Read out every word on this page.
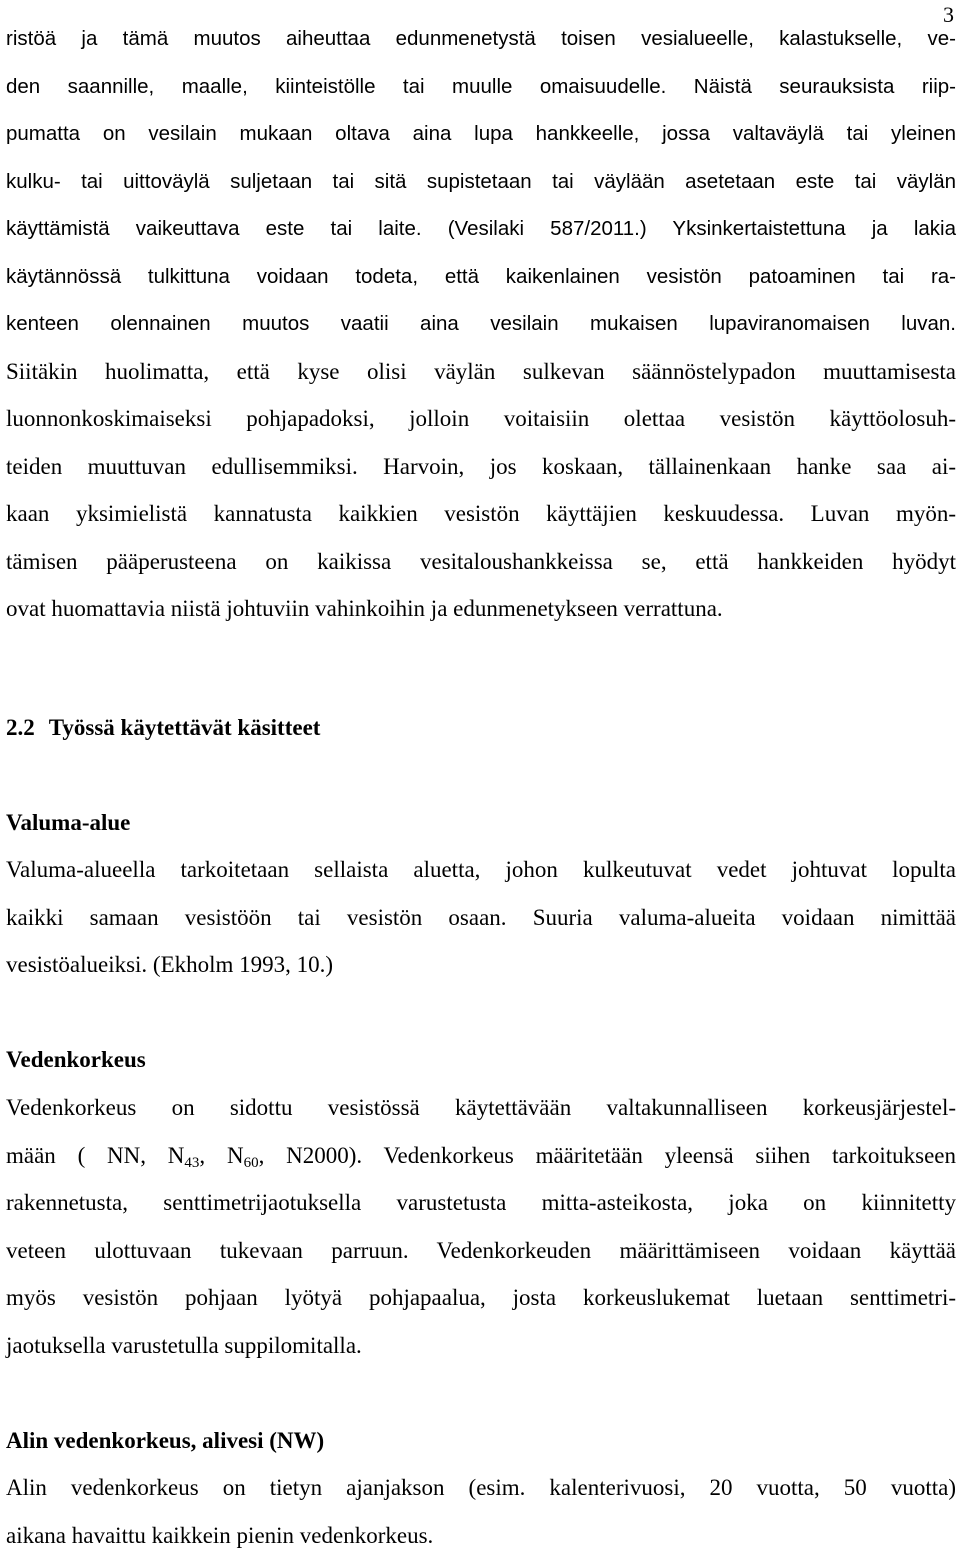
3
ristöä ja tämä muutos aiheuttaa edunmenetystä toisen vesialueelle, kalastukselle, ve-
den saannille, maalle, kiinteistölle tai muulle omaisuudelle. Näistä seurauksista riip-
pumatta on vesilain mukaan oltava aina lupa hankkeelle, jossa valtaväylä tai yleinen
kulku- tai uittoväylä suljetaan tai sitä supistetaan tai väylään asetetaan este tai väylän
käyttämistä vaikeuttava este tai laite. (Vesilaki 587/2011.) Yksinkertaistettuna ja lakia
käytännössä tulkittuna voidaan todeta, että kaikenlainen vesistön patoaminen tai ra-
kenteen olennainen muutos vaatii aina vesilain mukaisen lupaviranomaisen luvan.
Siitäkin huolimatta, että kyse olisi väylän sulkevan säännöstelypadon muuttamisesta
luonnonkoskimaiseksi pohjapadoksi, jolloin voitaisiin olettaa vesistön käyttöolosuh-
teiden muuttuvan edullisemmiksi. Harvoin, jos koskaan, tällainenkaan hanke saa ai-
kaan yksimielistä kannatusta kaikkien vesistön käyttäjien keskuudessa. Luvan myön-
tämisen pääperusteena on kaikissa vesitaloushankkeissa se, että hankkeiden hyödyt
ovat huomattavia niistä johtuviin vahinkoihin ja edunmenetykseen verrattuna.
2.2 Työssä käytettävät käsitteet
Valuma-alue
Valuma-alueella tarkoitetaan sellaista aluetta, johon kulkeutuvat vedet johtuvat lopulta
kaikki samaan vesistöön tai vesistön osaan. Suuria valuma-alueita voidaan nimittää
vesistöalueiksi. (Ekholm 1993, 10.)
Vedenkorkeus
Vedenkorkeus on sidottu vesistössä käytettävään valtakunnalliseen korkeusjärjestel-
mään ( NN, $N_{43}$, $N_{60}$, N2000). Vedenkorkeus määritetään yleensä siihen tarkoitukseen
rakennetusta, senttimetrijaotuksella varustetusta mitta-asteikosta, joka on kiinnitetty
veteen ulottuvaan tukevaan parruun. Vedenkorkeuden määrittämiseen voidaan käyttää
myös vesistön pohjaan lyötyä pohjapaalua, josta korkeuslukemat luetaan senttimetri-
jaotuksella varustetulla suppilomitalla.
Alin vedenkorkeus, alivesi (NW)
Alin vedenkorkeus on tietyn ajanjakson (esim. kalenterivuosi, 20 vuotta, 50 vuotta)
aikana havaittu kaikkein pienin vedenkorkeus.
